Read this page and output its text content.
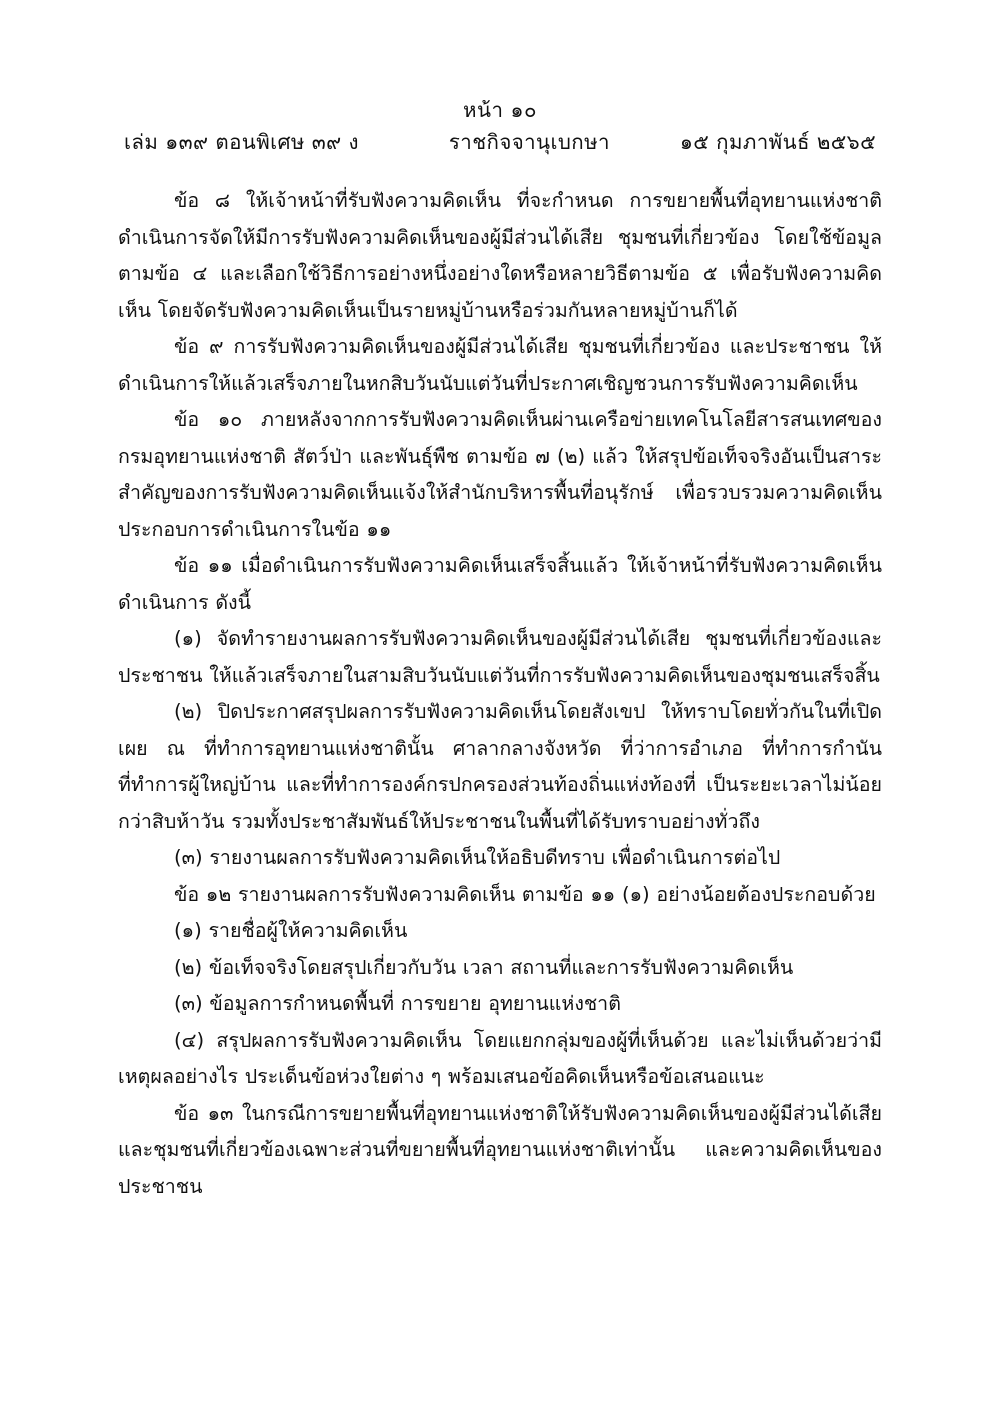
หน้า ๑๐
เล่ม ๑๓๙ ตอนพิเศษ ๓๙ ง	ราชกิจจานุเบกษา	๑๕ กุมภาพันธ์ ๒๕๖๕

ข้อ ๘ ให้เจ้าหน้าที่รับฟังความคิดเห็น ที่จะกำหนด การขยายพื้นที่อุทยานแห่งชาติ ดำเนินการจัดให้มีการรับฟังความคิดเห็นของผู้มีส่วนได้เสีย ชุมชนที่เกี่ยวข้อง โดยใช้ข้อมูลตามข้อ ๔ และเลือกใช้วิธีการอย่างหนึ่งอย่างใดหรือหลายวิธีตามข้อ ๕ เพื่อรับฟังความคิดเห็น โดยจัดรับฟังความคิดเห็นเป็นรายหมู่บ้านหรือร่วมกันหลายหมู่บ้านก็ได้

ข้อ ๙ การรับฟังความคิดเห็นของผู้มีส่วนได้เสีย ชุมชนที่เกี่ยวข้อง และประชาชน ให้ดำเนินการให้แล้วเสร็จภายในหกสิบวันนับแต่วันที่ประกาศเชิญชวนการรับฟังความคิดเห็น

ข้อ ๑๐ ภายหลังจากการรับฟังความคิดเห็นผ่านเครือข่ายเทคโนโลยีสารสนเทศของกรมอุทยานแห่งชาติ สัตว์ป่า และพันธุ์พืช ตามข้อ ๗ (๒) แล้ว ให้สรุปข้อเท็จจริงอันเป็นสาระสำคัญของการรับฟังความคิดเห็นแจ้งให้สำนักบริหารพื้นที่อนุรักษ์ เพื่อรวบรวมความคิดเห็นประกอบการดำเนินการในข้อ ๑๑

ข้อ ๑๑ เมื่อดำเนินการรับฟังความคิดเห็นเสร็จสิ้นแล้ว ให้เจ้าหน้าที่รับฟังความคิดเห็นดำเนินการ ดังนี้

(๑) จัดทำรายงานผลการรับฟังความคิดเห็นของผู้มีส่วนได้เสีย ชุมชนที่เกี่ยวข้องและประชาชน ให้แล้วเสร็จภายในสามสิบวันนับแต่วันที่การรับฟังความคิดเห็นของชุมชนเสร็จสิ้น

(๒) ปิดประกาศสรุปผลการรับฟังความคิดเห็นโดยสังเขป ให้ทราบโดยทั่วกันในที่เปิดเผย ณ ที่ทำการอุทยานแห่งชาตินั้น ศาลากลางจังหวัด ที่ว่าการอำเภอ ที่ทำการกำนัน ที่ทำการผู้ใหญ่บ้าน และที่ทำการองค์กรปกครองส่วนท้องถิ่นแห่งท้องที่ เป็นระยะเวลาไม่น้อยกว่าสิบห้าวัน รวมทั้งประชาสัมพันธ์ให้ประชาชนในพื้นที่ได้รับทราบอย่างทั่วถึง

(๓) รายงานผลการรับฟังความคิดเห็นให้อธิบดีทราบ เพื่อดำเนินการต่อไป

ข้อ ๑๒ รายงานผลการรับฟังความคิดเห็น ตามข้อ ๑๑ (๑) อย่างน้อยต้องประกอบด้วย

(๑) รายชื่อผู้ให้ความคิดเห็น

(๒) ข้อเท็จจริงโดยสรุปเกี่ยวกับวัน เวลา สถานที่และการรับฟังความคิดเห็น

(๓) ข้อมูลการกำหนดพื้นที่ การขยาย อุทยานแห่งชาติ

(๔) สรุปผลการรับฟังความคิดเห็น โดยแยกกลุ่มของผู้ที่เห็นด้วย และไม่เห็นด้วยว่ามีเหตุผลอย่างไร ประเด็นข้อห่วงใยต่าง ๆ พร้อมเสนอข้อคิดเห็นหรือข้อเสนอแนะ

ข้อ ๑๓ ในกรณีการขยายพื้นที่อุทยานแห่งชาติให้รับฟังความคิดเห็นของผู้มีส่วนได้เสียและชุมชนที่เกี่ยวข้องเฉพาะส่วนที่ขยายพื้นที่อุทยานแห่งชาติเท่านั้น และความคิดเห็นของประชาชน
